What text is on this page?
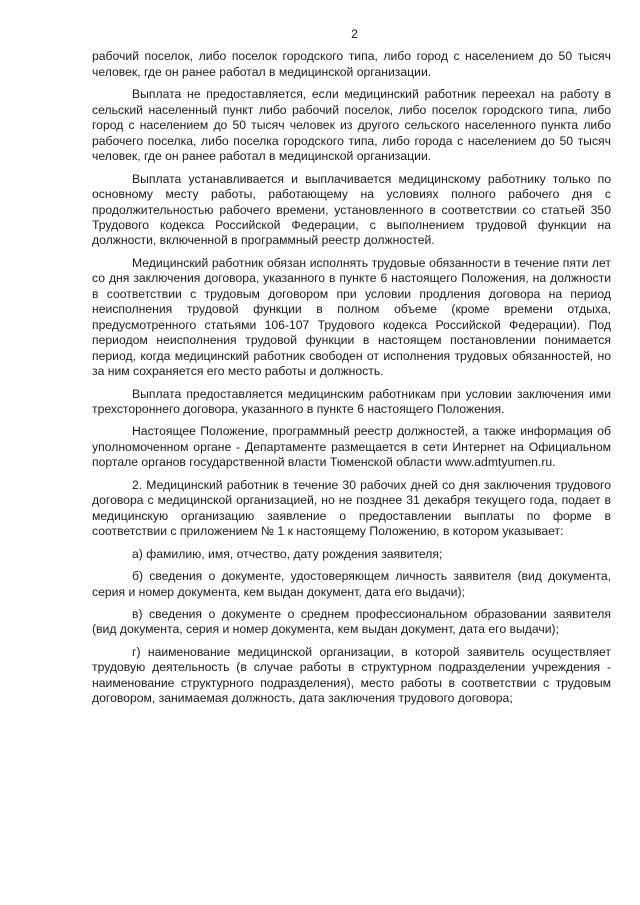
2

рабочий поселок, либо поселок городского типа, либо город с населением до 50 тысяч человек, где он ранее работал в медицинской организации.

Выплата не предоставляется, если медицинский работник переехал на работу в сельский населенный пункт либо рабочий поселок, либо поселок городского типа, либо город с населением до 50 тысяч человек из другого сельского населенного пункта либо рабочего поселка, либо поселка городского типа, либо города с населением до 50 тысяч человек, где он ранее работал в медицинской организации.

Выплата устанавливается и выплачивается медицинскому работнику только по основному месту работы, работающему на условиях полного рабочего дня с продолжительностью рабочего времени, установленного в соответствии со статьей 350 Трудового кодекса Российской Федерации, с выполнением трудовой функции на должности, включенной в программный реестр должностей.

Медицинский работник обязан исполнять трудовые обязанности в течение пяти лет со дня заключения договора, указанного в пункте 6 настоящего Положения, на должности в соответствии с трудовым договором при условии продления договора на период неисполнения трудовой функции в полном объеме (кроме времени отдыха, предусмотренного статьями 106-107 Трудового кодекса Российской Федерации). Под периодом неисполнения трудовой функции в настоящем постановлении понимается период, когда медицинский работник свободен от исполнения трудовых обязанностей, но за ним сохраняется его место работы и должность.

Выплата предоставляется медицинским работникам при условии заключения ими трехстороннего договора, указанного в пункте 6 настоящего Положения.

Настоящее Положение, программный реестр должностей, а также информация об уполномоченном органе - Департаменте размещается в сети Интернет на Официальном портале органов государственной власти Тюменской области www.admtyumen.ru.

2. Медицинский работник в течение 30 рабочих дней со дня заключения трудового договора с медицинской организацией, но не позднее 31 декабря текущего года, подает в медицинскую организацию заявление о предоставлении выплаты по форме в соответствии с приложением № 1 к настоящему Положению, в котором указывает:

а) фамилию, имя, отчество, дату рождения заявителя;

б) сведения о документе, удостоверяющем личность заявителя (вид документа, серия и номер документа, кем выдан документ, дата его выдачи);

в) сведения о документе о среднем профессиональном образовании заявителя (вид документа, серия и номер документа, кем выдан документ, дата его выдачи);

г) наименование медицинской организации, в которой заявитель осуществляет трудовую деятельность (в случае работы в структурном подразделении учреждения - наименование структурного подразделения), место работы в соответствии с трудовым договором, занимаемая должность, дата заключения трудового договора;
